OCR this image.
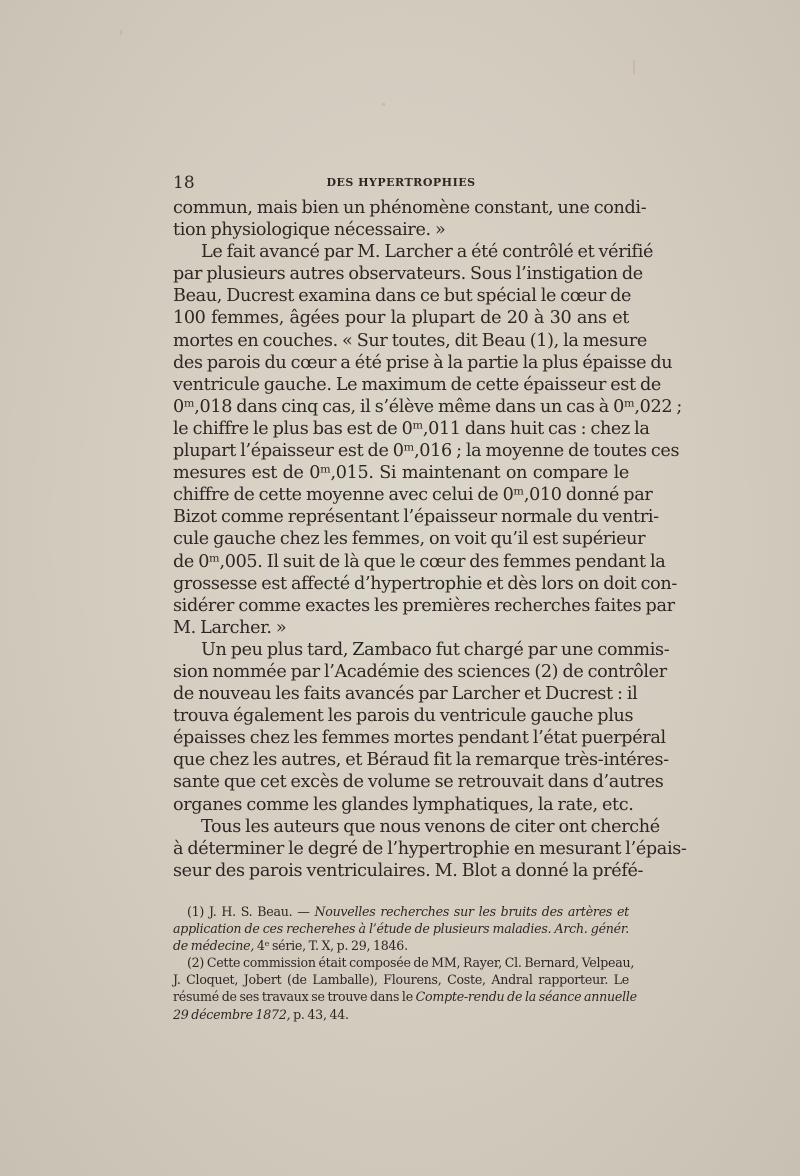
18	DES HYPERTROPHIES
commun, mais bien un phénomène constant, une condi-
tion physiologique nécessaire. »
Le fait avancé par M. Larcher a été contrôlé et vérifié
par plusieurs autres observateurs. Sous l’instigation de
Beau, Ducrest examina dans ce but spécial le cœur de
100 femmes, âgées pour la plupart de 20 à 30 ans et
mortes en couches. « Sur toutes, dit Beau (1), la mesure
des parois du cœur a été prise à la partie la plus épaisse du
ventricule gauche. Le maximum de cette épaisseur est de
0ᵐ,018 dans cinq cas, il s’élève même dans un cas à 0ᵐ,022 ;
le chiffre le plus bas est de 0ᵐ,011 dans huit cas : chez la
plupart l’épaisseur est de 0ᵐ,016 ; la moyenne de toutes ces
mesures est de 0ᵐ,015. Si maintenant on compare le
chiffre de cette moyenne avec celui de 0ᵐ,010 donné par
Bizot comme représentant l’épaisseur normale du ventri-
cule gauche chez les femmes, on voit qu’il est supérieur
de 0ᵐ,005. Il suit de là que le cœur des femmes pendant la
grossesse est affecté d’hypertrophie et dès lors on doit con-
sidérer comme exactes les premières recherches faites par
M. Larcher. »
Un peu plus tard, Zambaco fut chargé par une commis-
sion nommée par l’Académie des sciences (2) de contrôler
de nouveau les faits avancés par Larcher et Ducrest : il
trouva également les parois du ventricule gauche plus
épaisses chez les femmes mortes pendant l’état puerpéral
que chez les autres, et Béraud fit la remarque très-intéres-
sante que cet excès de volume se retrouvait dans d’autres
organes comme les glandes lymphatiques, la rate, etc.
Tous les auteurs que nous venons de citer ont cherché
à déterminer le degré de l’hypertrophie en mesurant l’épais-
seur des parois ventriculaires. M. Blot a donné la préfé-
(1) J. H. S. Beau. — Nouvelles recherches sur les bruits des artères et
application de ces recherehes à l’étude de plusieurs maladies. Arch. génér.
de médecine, 4ᵉ série, T. X, p. 29, 1846.
(2) Cette commission était composée de MM, Rayer, Cl. Bernard, Velpeau,
J. Cloquet, Jobert (de Lamballe), Flourens, Coste, Andral rapporteur. Le
résumé de ses travaux se trouve dans le Compte-rendu de la séance annuelle
29 décembre 1872, p. 43, 44.
